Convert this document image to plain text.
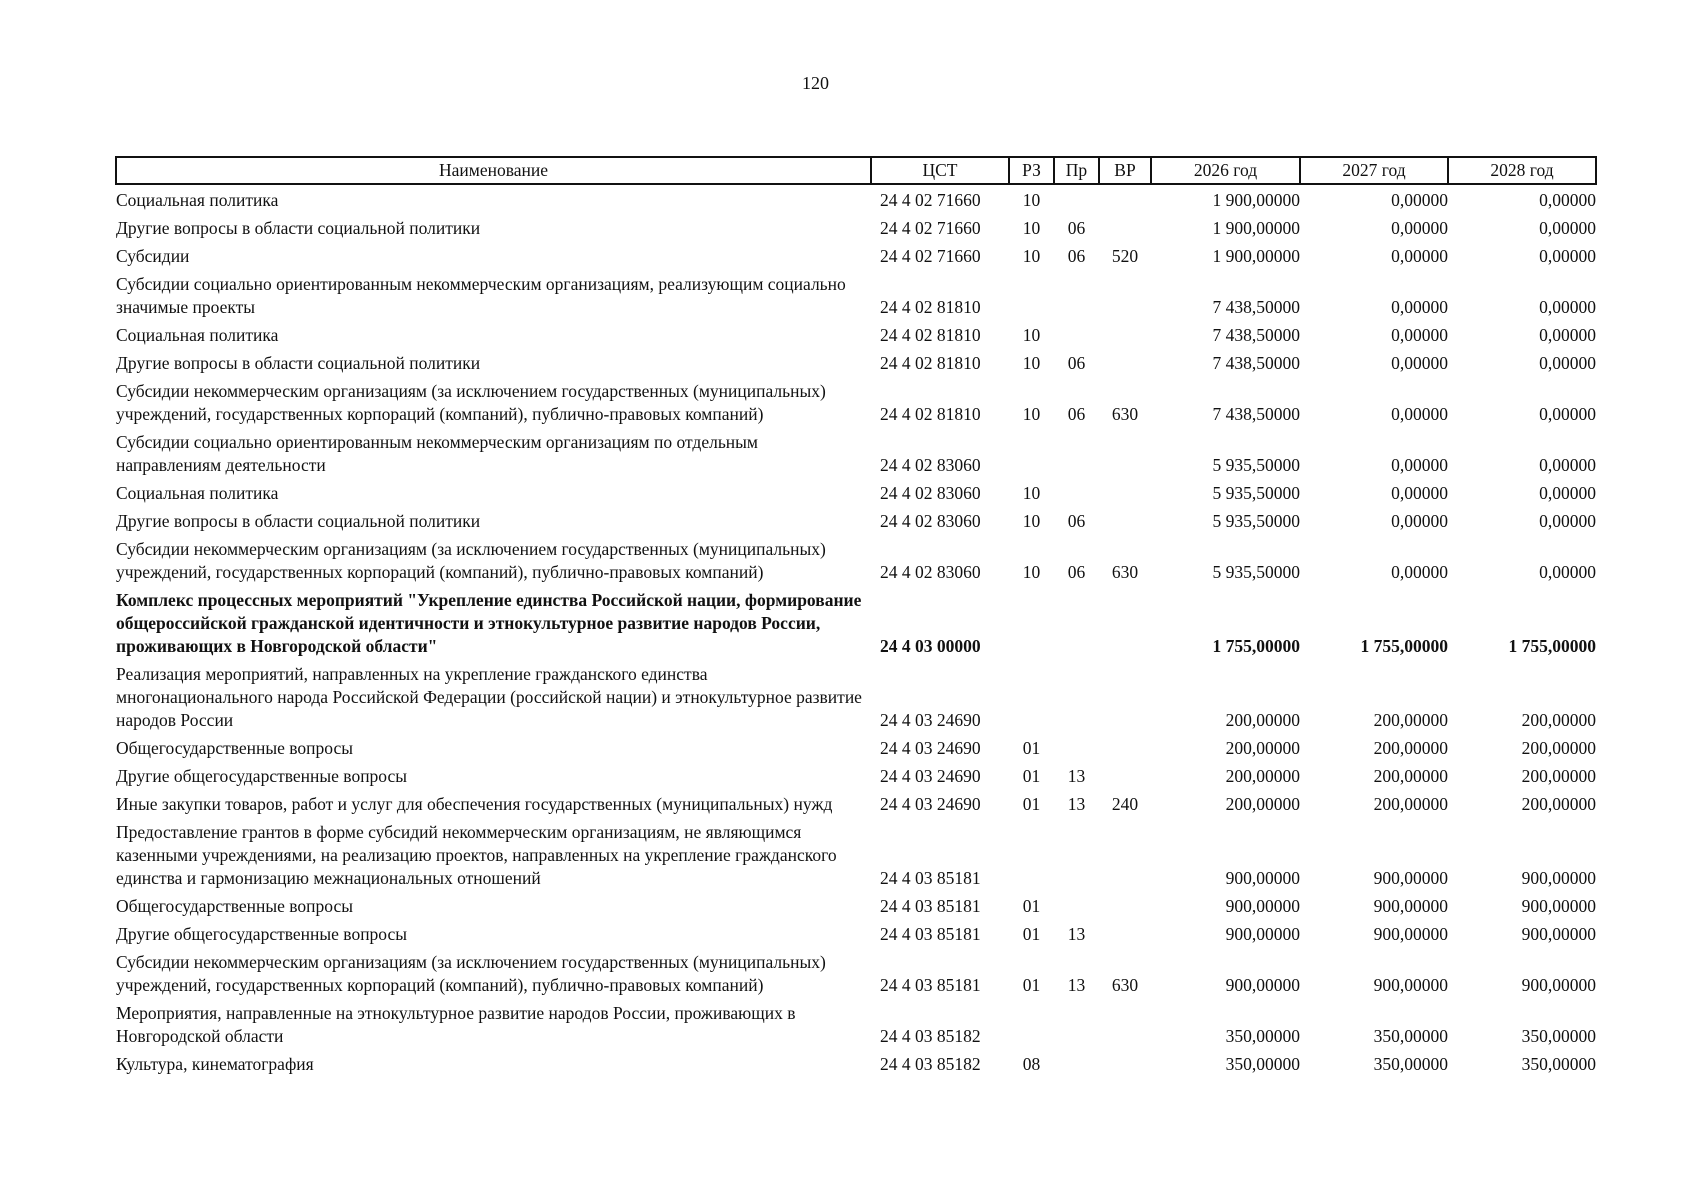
120
Наименование	ЦСТ	РЗ	Пр	ВР	2026 год	2027 год	2028 год
Социальная политика	24 4 02 71660	10			1 900,00000	0,00000	0,00000
Другие вопросы в области социальной политики	24 4 02 71660	10	06		1 900,00000	0,00000	0,00000
Субсидии	24 4 02 71660	10	06	520	1 900,00000	0,00000	0,00000
Субсидии социально ориентированным некоммерческим организациям, реализующим социально значимые проекты	24 4 02 81810				7 438,50000	0,00000	0,00000
Социальная политика	24 4 02 81810	10			7 438,50000	0,00000	0,00000
Другие вопросы в области социальной политики	24 4 02 81810	10	06		7 438,50000	0,00000	0,00000
Субсидии некоммерческим организациям (за исключением государственных (муниципальных) учреждений, государственных корпораций (компаний), публично-правовых компаний)	24 4 02 81810	10	06	630	7 438,50000	0,00000	0,00000
Субсидии социально ориентированным некоммерческим организациям по отдельным направлениям деятельности	24 4 02 83060				5 935,50000	0,00000	0,00000
Социальная политика	24 4 02 83060	10			5 935,50000	0,00000	0,00000
Другие вопросы в области социальной политики	24 4 02 83060	10	06		5 935,50000	0,00000	0,00000
Субсидии некоммерческим организациям (за исключением государственных (муниципальных) учреждений, государственных корпораций (компаний), публично-правовых компаний)	24 4 02 83060	10	06	630	5 935,50000	0,00000	0,00000
Комплекс процессных мероприятий "Укрепление единства Российской нации, формирование общероссийской гражданской идентичности и этнокультурное развитие народов России, проживающих в Новгородской области"	24 4 03 00000				1 755,00000	1 755,00000	1 755,00000
Реализация мероприятий, направленных на укрепление гражданского единства многонационального народа Российской Федерации (российской нации) и этнокультурное развитие народов России	24 4 03 24690				200,00000	200,00000	200,00000
Общегосударственные вопросы	24 4 03 24690	01			200,00000	200,00000	200,00000
Другие общегосударственные вопросы	24 4 03 24690	01	13		200,00000	200,00000	200,00000
Иные закупки товаров, работ и услуг для обеспечения государственных (муниципальных) нужд	24 4 03 24690	01	13	240	200,00000	200,00000	200,00000
Предоставление грантов в форме субсидий некоммерческим организациям, не являющимся казенными учреждениями, на реализацию проектов, направленных на укрепление гражданского единства и гармонизацию межнациональных отношений	24 4 03 85181				900,00000	900,00000	900,00000
Общегосударственные вопросы	24 4 03 85181	01			900,00000	900,00000	900,00000
Другие общегосударственные вопросы	24 4 03 85181	01	13		900,00000	900,00000	900,00000
Субсидии некоммерческим организациям (за исключением государственных (муниципальных) учреждений, государственных корпораций (компаний), публично-правовых компаний)	24 4 03 85181	01	13	630	900,00000	900,00000	900,00000
Мероприятия, направленные на этнокультурное развитие народов России, проживающих в Новгородской области	24 4 03 85182				350,00000	350,00000	350,00000
Культура, кинематография	24 4 03 85182	08			350,00000	350,00000	350,00000
